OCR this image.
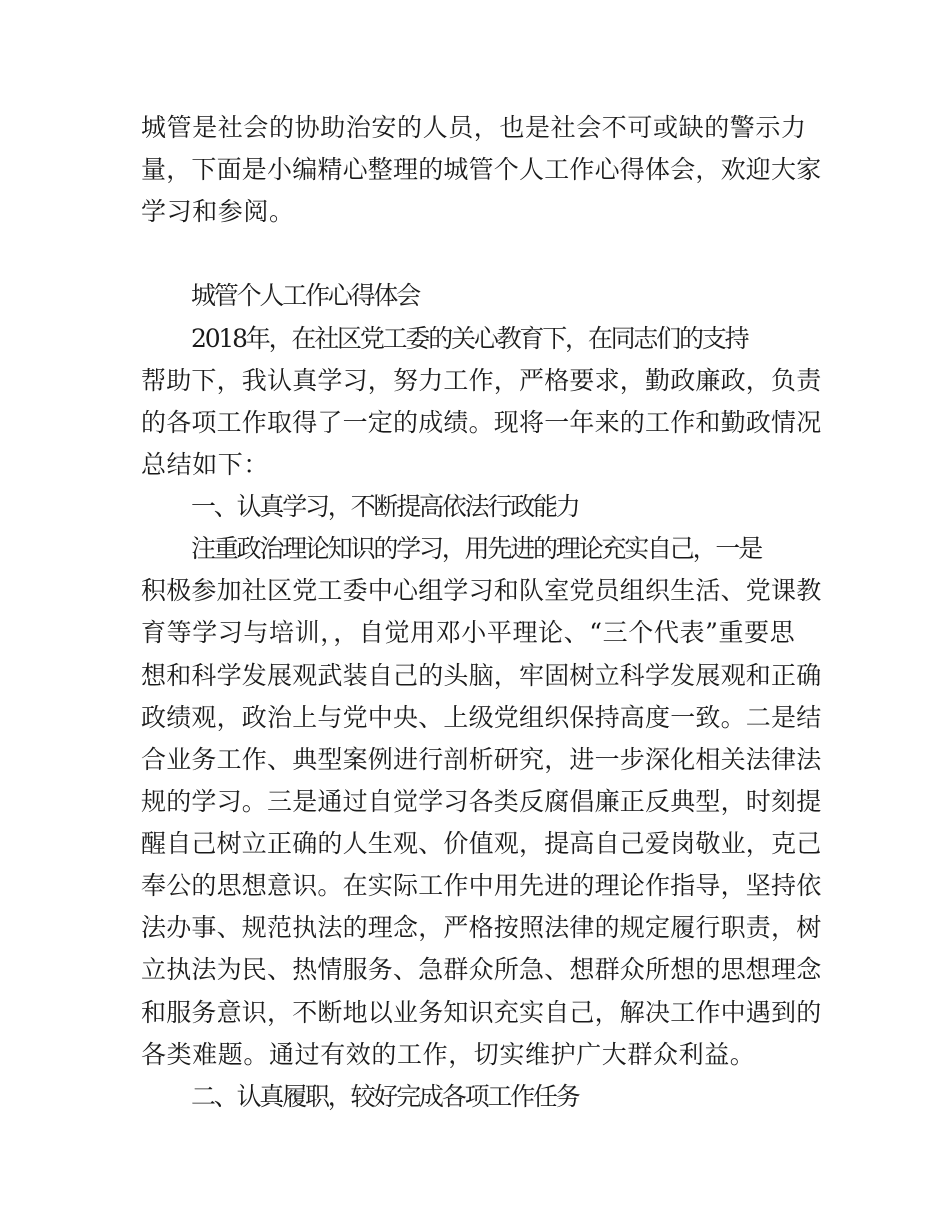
城管是社会的协助治安的人员，也是社会不可或缺的警示力
量，下面是小编精心整理的城管个人工作心得体会，欢迎大家
学习和参阅。
城管个人工作心得体会
2018年，在社区党工委的关心教育下，在同志们的支持
帮助下，我认真学习，努力工作，严格要求，勤政廉政，负责
的各项工作取得了一定的成绩。现将一年来的工作和勤政情况
总结如下：
一、认真学习，不断提高依法行政能力
注重政治理论知识的学习，用先进的理论充实自己，一是
积极参加社区党工委中心组学习和队室党员组织生活、党课教
育等学习与培训，，自觉用邓小平理论、“三个代表”重要思
想和科学发展观武装自己的头脑，牢固树立科学发展观和正确
政绩观，政治上与党中央、上级党组织保持高度一致。二是结
合业务工作、典型案例进行剖析研究，进一步深化相关法律法
规的学习。三是通过自觉学习各类反腐倡廉正反典型，时刻提
醒自己树立正确的人生观、价值观，提高自己爱岗敬业，克己
奉公的思想意识。在实际工作中用先进的理论作指导，坚持依
法办事、规范执法的理念，严格按照法律的规定履行职责，树
立执法为民、热情服务、急群众所急、想群众所想的思想理念
和服务意识，不断地以业务知识充实自己，解决工作中遇到的
各类难题。通过有效的工作，切实维护广大群众利益。
二、认真履职，较好完成各项工作任务
